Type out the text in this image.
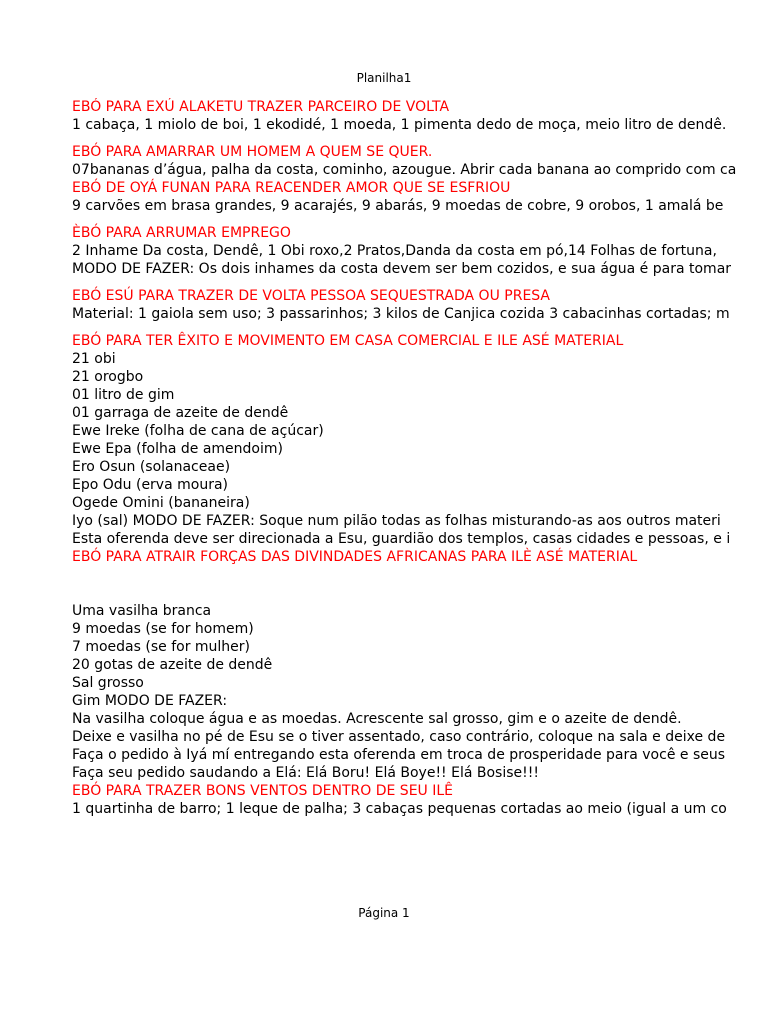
Planilha1
EBÓ PARA EXÚ ALAKETU TRAZER PARCEIRO DE VOLTA
1 cabaça, 1 miolo de boi, 1 ekodidé, 1 moeda, 1 pimenta dedo de moça, meio litro de dendê.
EBÓ PARA AMARRAR UM HOMEM A QUEM SE QUER.
07bananas d’água, palha da costa, cominho, azougue. Abrir cada banana ao comprido com ca
EBÓ DE OYÁ FUNAN PARA REACENDER AMOR QUE SE ESFRIOU
9 carvões em brasa grandes, 9 acarajés, 9 abarás, 9 moedas de cobre, 9 orobos, 1 amalá be
ÈBÓ PARA ARRUMAR EMPREGO
2 Inhame Da costa, Dendê, 1 Obi roxo,2 Pratos,Danda da costa em pó,14 Folhas de fortuna,
MODO DE FAZER: Os dois inhames da costa devem ser bem cozidos, e sua água é para tomar
EBÓ ESÚ PARA TRAZER DE VOLTA PESSOA SEQUESTRADA OU PRESA
Material: 1 gaiola sem uso; 3 passarinhos; 3 kilos de Canjica cozida 3 cabacinhas cortadas; m
EBÓ PARA TER ÊXITO E MOVIMENTO EM CASA COMERCIAL E ILE ASÉ MATERIAL
21 obi
21 orogbo
01 litro de gim
01 garraga de azeite de dendê
Ewe Ireke (folha de cana de açúcar)
Ewe Epa (folha de amendoim)
Ero Osun (solanaceae)
Epo Odu (erva moura)
Ogede Omini (bananeira)
Iyo (sal) MODO DE FAZER: Soque num pilão todas as folhas misturando-as aos outros materi
Esta oferenda deve ser direcionada a Esu, guardião dos templos, casas cidades e pessoas, e i
EBÓ PARA ATRAIR FORÇAS DAS DIVINDADES AFRICANAS PARA ILÈ ASÉ MATERIAL
Uma vasilha branca
9 moedas (se for homem)
7 moedas (se for mulher)
20 gotas de azeite de dendê
Sal grosso
Gim MODO DE FAZER:
Na vasilha coloque água e as moedas. Acrescente sal grosso, gim e o azeite de dendê.
Deixe e vasilha no pé de Esu se o tiver assentado, caso contrário, coloque na sala e deixe de
Faça o pedido à Iyá mí entregando esta oferenda em troca de prosperidade para você e seus
Faça seu pedido saudando a Elá: Elá Boru! Elá Boye!! Elá Bosise!!!
EBÓ PARA TRAZER BONS VENTOS DENTRO DE SEU ILÊ
1 quartinha de barro; 1 leque de palha; 3 cabaças pequenas cortadas ao meio (igual a um co
Página 1
